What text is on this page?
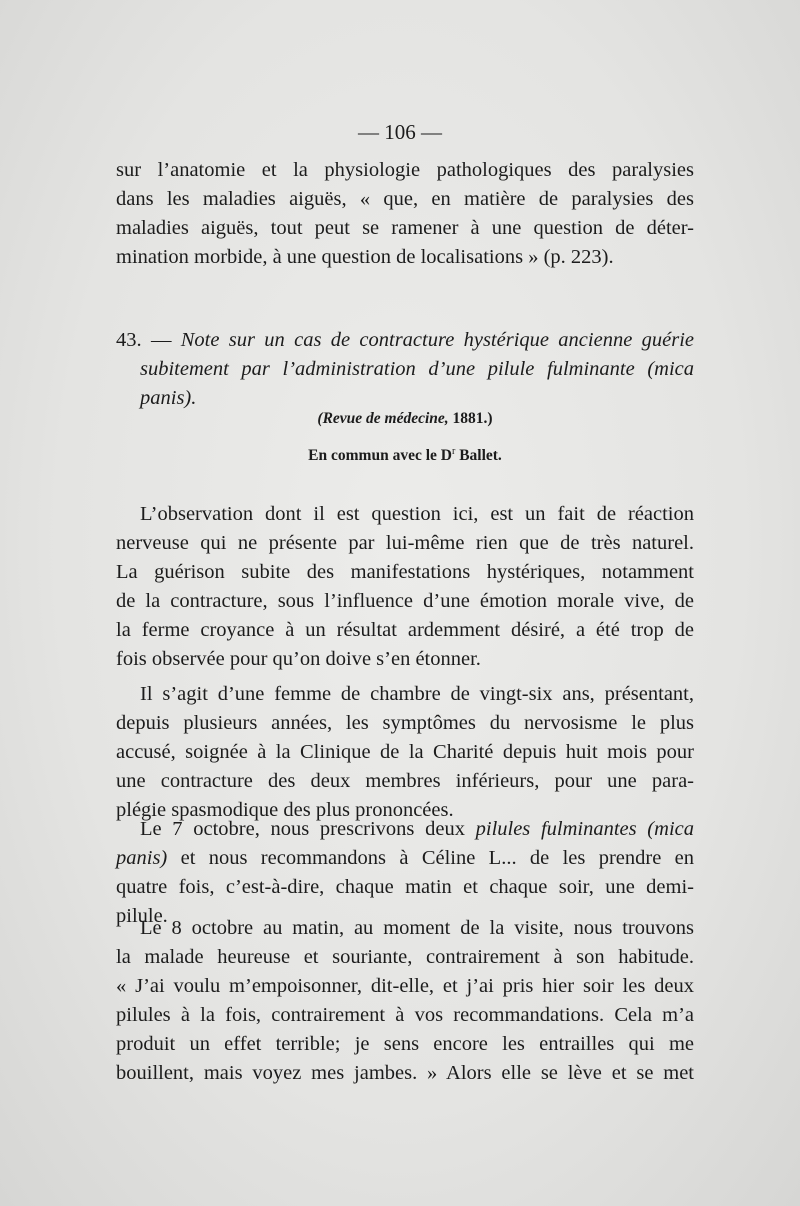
— 106 —
sur l’anatomie et la physiologie pathologiques des paralysies
dans les maladies aiguës, « que, en matière de paralysies des
maladies aiguës, tout peut se ramener à une question de déter-
mination morbide, à une question de localisations » (p. 223).
43. — Note sur un cas de contracture hystérique ancienne guérie
subitement par l’administration d’une pilule fulminante (mica
panis).
(Revue de médecine, 1881.)
En commun avec le $D^r$ Ballet.
L’observation dont il est question ici, est un fait de réaction
nerveuse qui ne présente par lui-même rien que de très naturel.
La guérison subite des manifestations hystériques, notamment
de la contracture, sous l’influence d’une émotion morale vive, de
la ferme croyance à un résultat ardemment désiré, a été trop de
fois observée pour qu’on doive s’en étonner.
Il s’agit d’une femme de chambre de vingt-six ans, présentant,
depuis plusieurs années, les symptômes du nervosisme le plus
accusé, soignée à la Clinique de la Charité depuis huit mois pour
une contracture des deux membres inférieurs, pour une para-
plégie spasmodique des plus prononcées.
Le 7 octobre, nous prescrivons deux pilules fulminantes (mica
panis) et nous recommandons à Céline L... de les prendre en
quatre fois, c’est-à-dire, chaque matin et chaque soir, une demi-
pilule.
Le 8 octobre au matin, au moment de la visite, nous trouvons
la malade heureuse et souriante, contrairement à son habitude.
« J’ai voulu m’empoisonner, dit-elle, et j’ai pris hier soir les deux
pilules à la fois, contrairement à vos recommandations. Cela m’a
produit un effet terrible; je sens encore les entrailles qui me
bouillent, mais voyez mes jambes. » Alors elle se lève et se met
